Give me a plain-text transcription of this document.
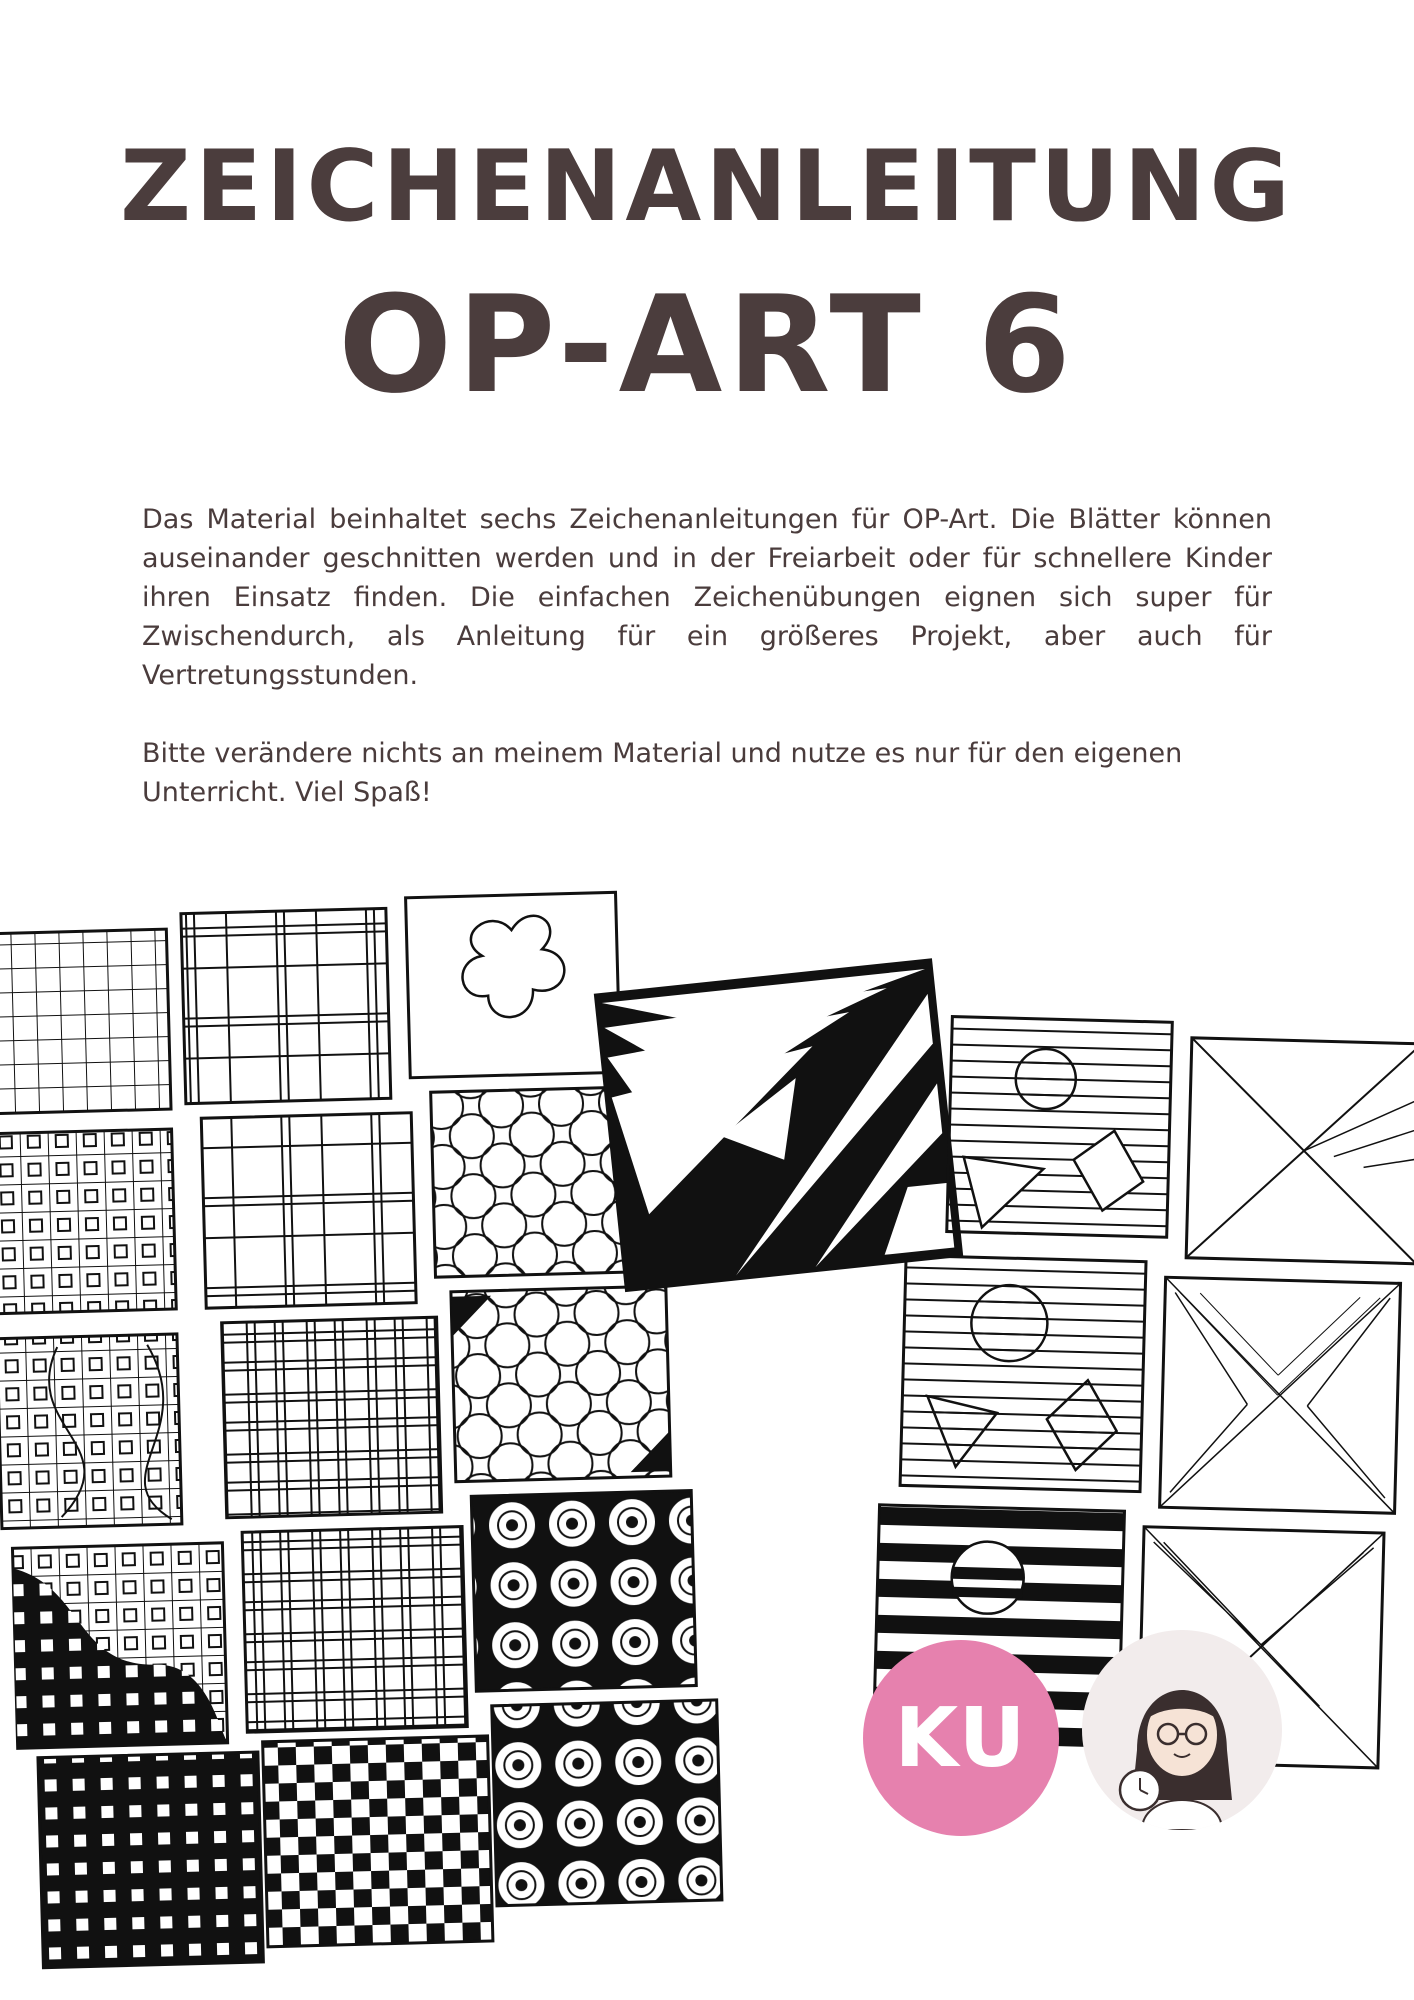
ZEICHENANLEITUNG
OP-ART 6

Das Material beinhaltet sechs Zeichenanleitungen für OP-Art. Die Blätter können auseinander geschnitten werden und in der Freiarbeit oder für schnellere Kinder ihren Einsatz finden. Die einfachen Zeichenübungen eignen sich super für Zwischendurch, als Anleitung für ein größeres Projekt, aber auch für Vertretungsstunden.

Bitte verändere nichts an meinem Material und nutze es nur für den eigenen Unterricht. Viel Spaß!

KU
